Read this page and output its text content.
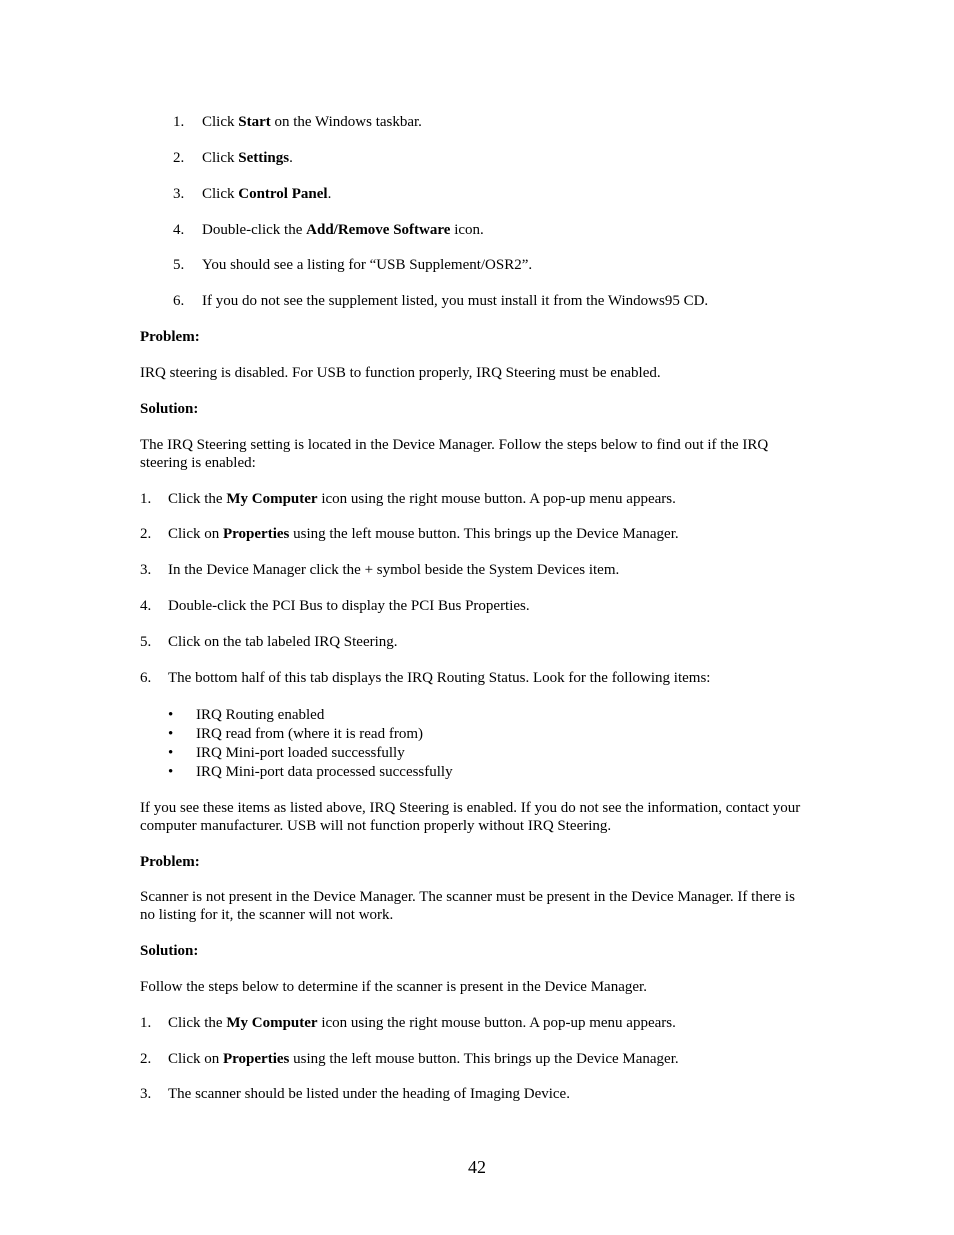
1. Click Start on the Windows taskbar.
2. Click Settings.
3. Click Control Panel.
4. Double-click the Add/Remove Software icon.
5. You should see a listing for “USB Supplement/OSR2”.
6. If you do not see the supplement listed, you must install it from the Windows95 CD.
Problem:
IRQ steering is disabled. For USB to function properly, IRQ Steering must be enabled.
Solution:
The IRQ Steering setting is located in the Device Manager. Follow the steps below to find out if the IRQ steering is enabled:
1. Click the My Computer icon using the right mouse button. A pop-up menu appears.
2. Click on Properties using the left mouse button. This brings up the Device Manager.
3. In the Device Manager click the + symbol beside the System Devices item.
4. Double-click the PCI Bus to display the PCI Bus Properties.
5. Click on the tab labeled IRQ Steering.
6. The bottom half of this tab displays the IRQ Routing Status. Look for the following items:
• IRQ Routing enabled
• IRQ read from (where it is read from)
• IRQ Mini-port loaded successfully
• IRQ Mini-port data processed successfully
If you see these items as listed above, IRQ Steering is enabled. If you do not see the information, contact your computer manufacturer. USB will not function properly without IRQ Steering.
Problem:
Scanner is not present in the Device Manager. The scanner must be present in the Device Manager. If there is no listing for it, the scanner will not work.
Solution:
Follow the steps below to determine if the scanner is present in the Device Manager.
1. Click the My Computer icon using the right mouse button. A pop-up menu appears.
2. Click on Properties using the left mouse button. This brings up the Device Manager.
3. The scanner should be listed under the heading of Imaging Device.
42
